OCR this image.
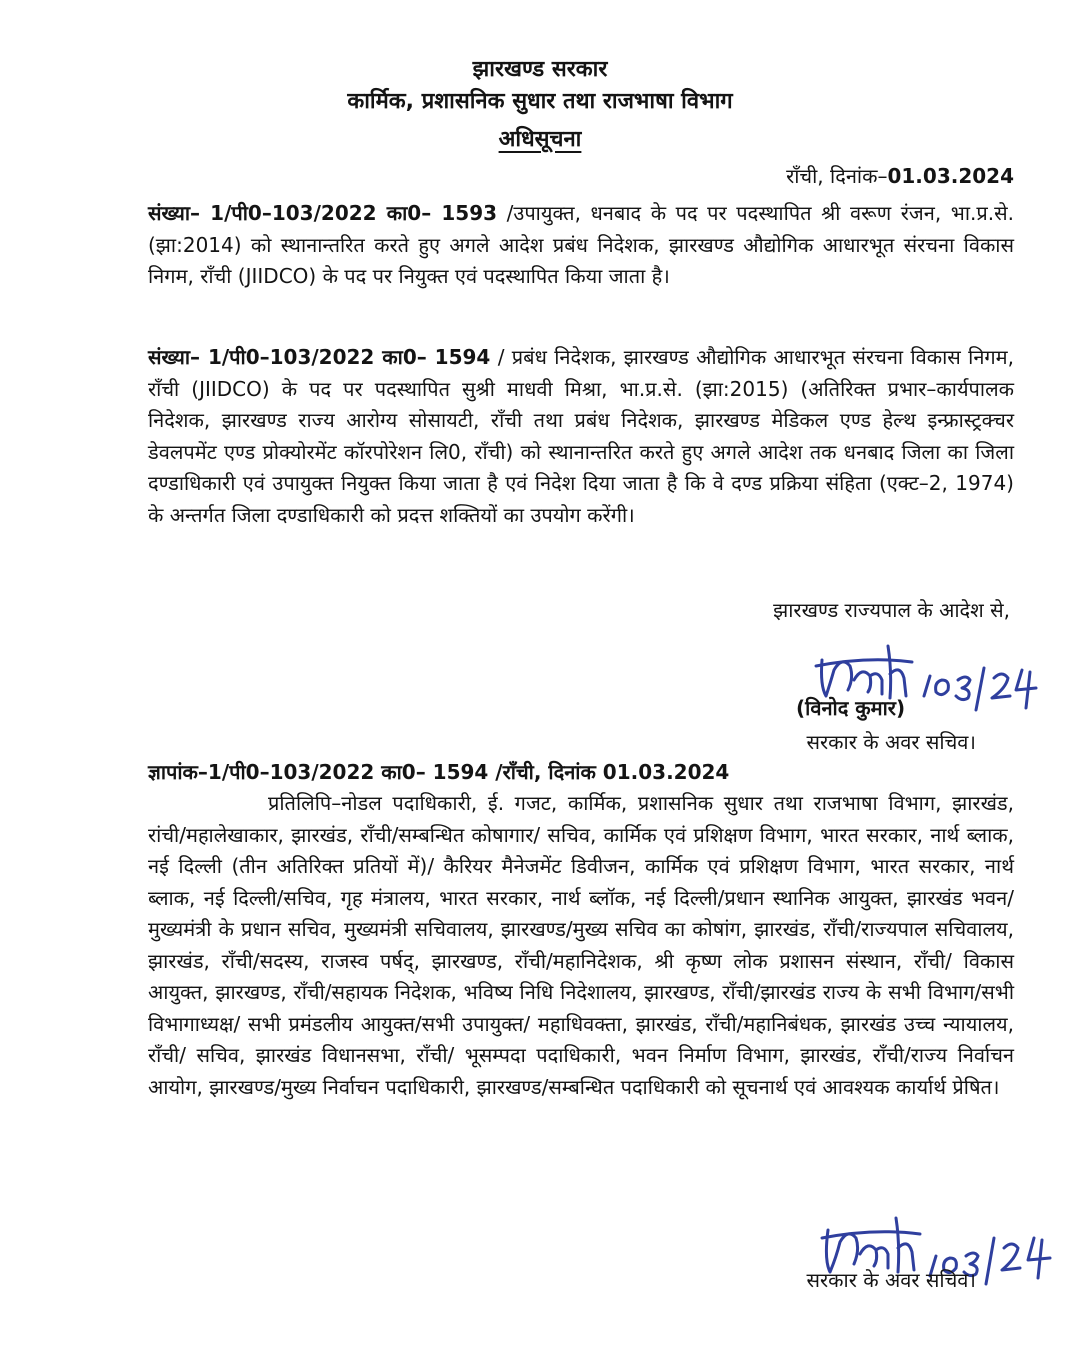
झारखण्ड सरकार
कार्मिक, प्रशासनिक सुधार तथा राजभाषा विभाग
अधिसूचना
राँची, दिनांक–01.03.2024

संख्या– 1/पी0–103/2022 का0– 1593 /उपायुक्त, धनबाद के पद पर पदस्थापित श्री वरूण रंजन, भा.प्र.से. (झा:2014) को स्थानान्तरित करते हुए अगले आदेश प्रबंध निदेशक, झारखण्ड औद्योगिक आधारभूत संरचना विकास निगम, राँची (JIIDCO) के पद पर नियुक्त एवं पदस्थापित किया जाता है।

संख्या– 1/पी0–103/2022 का0– 1594 / प्रबंध निदेशक, झारखण्ड औद्योगिक आधारभूत संरचना विकास निगम, राँची (JIIDCO) के पद पर पदस्थापित सुश्री माधवी मिश्रा, भा.प्र.से. (झा:2015) (अतिरिक्त प्रभार–कार्यपालक निदेशक, झारखण्ड राज्य आरोग्य सोसायटी, राँची तथा प्रबंध निदेशक, झारखण्ड मेडिकल एण्ड हेल्थ इन्फ्रास्ट्रक्चर डेवलपमेंट एण्ड प्रोक्योरमेंट कॉरपोरेशन लि0, राँची) को स्थानान्तरित करते हुए अगले आदेश तक धनबाद जिला का जिला दण्डाधिकारी एवं उपायुक्त नियुक्त किया जाता है एवं निदेश दिया जाता है कि वे दण्ड प्रक्रिया संहिता (एक्ट–2, 1974) के अन्तर्गत जिला दण्डाधिकारी को प्रदत्त शक्तियों का उपयोग करेंगी।

झारखण्ड राज्यपाल के आदेश से,
(विनोद कुमार)
सरकार के अवर सचिव।
ज्ञापांक–1/पी0–103/2022 का0– 1594 /राँची, दिनांक 01.03.2024

प्रतिलिपि–नोडल पदाधिकारी, ई. गजट, कार्मिक, प्रशासनिक सुधार तथा राजभाषा विभाग, झारखंड, रांची/महालेखाकार, झारखंड, राँची/सम्बन्धित कोषागार/ सचिव, कार्मिक एवं प्रशिक्षण विभाग, भारत सरकार, नार्थ ब्लाक, नई दिल्ली (तीन अतिरिक्त प्रतियों में)/ कैरियर मैनेजमेंट डिवीजन, कार्मिक एवं प्रशिक्षण विभाग, भारत सरकार, नार्थ ब्लाक, नई दिल्ली/सचिव, गृह मंत्रालय, भारत सरकार, नार्थ ब्लॉक, नई दिल्ली/प्रधान स्थानिक आयुक्त, झारखंड भवन/मुख्यमंत्री के प्रधान सचिव, मुख्यमंत्री सचिवालय, झारखण्ड/मुख्य सचिव का कोषांग, झारखंड, राँची/राज्यपाल सचिवालय, झारखंड, राँची/सदस्य, राजस्व पर्षद्, झारखण्ड, राँची/महानिदेशक, श्री कृष्ण लोक प्रशासन संस्थान, राँची/ विकास आयुक्त, झारखण्ड, राँची/सहायक निदेशक, भविष्य निधि निदेशालय, झारखण्ड, राँची/झारखंड राज्य के सभी विभाग/सभी विभागाध्यक्ष/ सभी प्रमंडलीय आयुक्त/सभी उपायुक्त/ महाधिवक्ता, झारखंड, राँची/महानिबंधक, झारखंड उच्च न्यायालय, राँची/ सचिव, झारखंड विधानसभा, राँची/ भूसम्पदा पदाधिकारी, भवन निर्माण विभाग, झारखंड, राँची/राज्य निर्वाचन आयोग, झारखण्ड/मुख्य निर्वाचन पदाधिकारी, झारखण्ड/सम्बन्धित पदाधिकारी को सूचनार्थ एवं आवश्यक कार्यार्थ प्रेषित।

सरकार के अवर सचिव।
